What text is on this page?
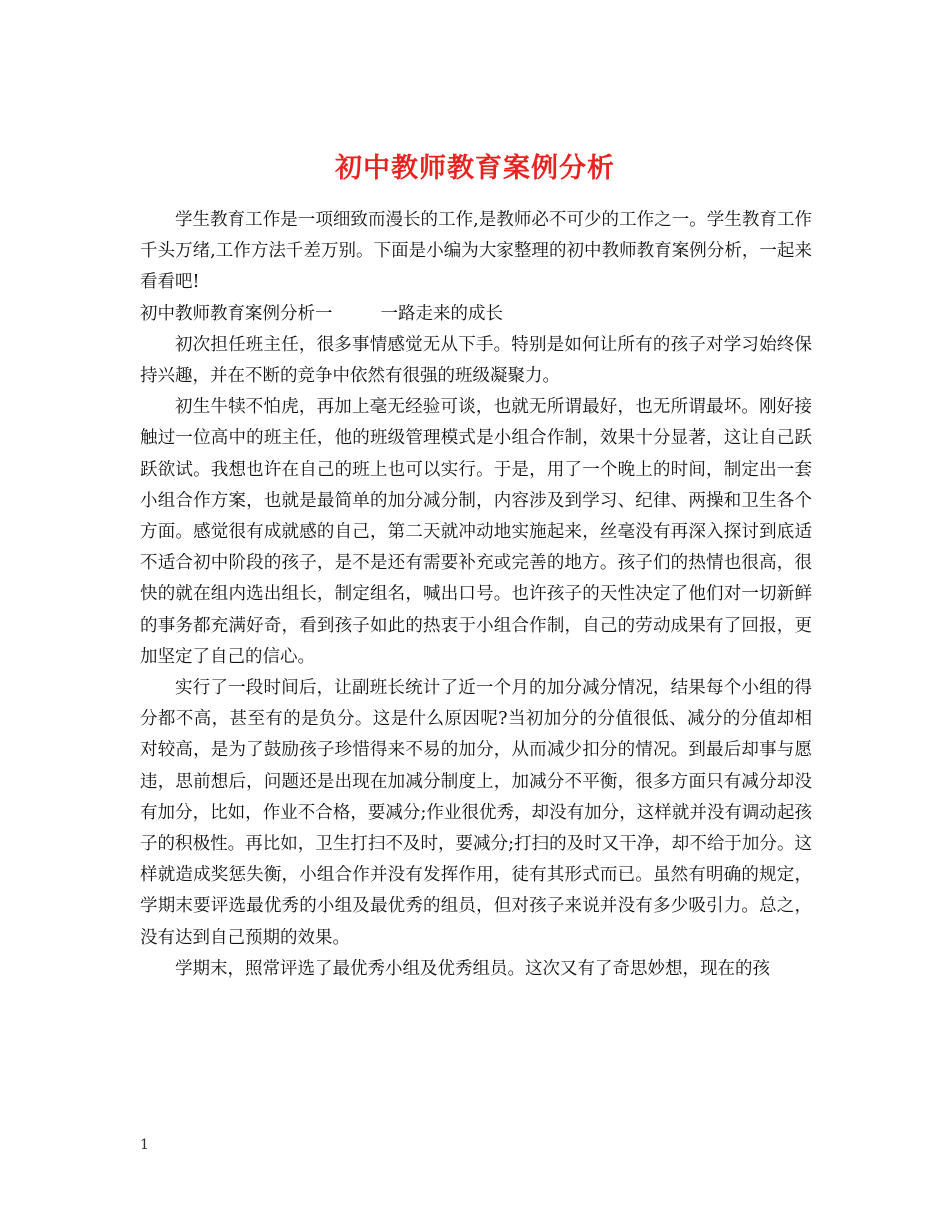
初中教师教育案例分析

学生教育工作是一项细致而漫长的工作,是教师必不可少的工作之一。学生教育工作千头万绪,工作方法千差万别。下面是小编为大家整理的初中教师教育案例分析，一起来看看吧!

初中教师教育案例分析一	一路走来的成长

初次担任班主任，很多事情感觉无从下手。特别是如何让所有的孩子对学习始终保持兴趣，并在不断的竞争中依然有很强的班级凝聚力。

初生牛犊不怕虎，再加上毫无经验可谈，也就无所谓最好，也无所谓最坏。刚好接触过一位高中的班主任，他的班级管理模式是小组合作制，效果十分显著，这让自己跃跃欲试。我想也许在自己的班上也可以实行。于是，用了一个晚上的时间，制定出一套小组合作方案，也就是最简单的加分减分制，内容涉及到学习、纪律、两操和卫生各个方面。感觉很有成就感的自己，第二天就冲动地实施起来，丝毫没有再深入探讨到底适不适合初中阶段的孩子，是不是还有需要补充或完善的地方。孩子们的热情也很高，很快的就在组内选出组长，制定组名，喊出口号。也许孩子的天性决定了他们对一切新鲜的事务都充满好奇，看到孩子如此的热衷于小组合作制，自己的劳动成果有了回报，更加坚定了自己的信心。

实行了一段时间后，让副班长统计了近一个月的加分减分情况，结果每个小组的得分都不高，甚至有的是负分。这是什么原因呢?当初加分的分值很低、减分的分值却相对较高，是为了鼓励孩子珍惜得来不易的加分，从而减少扣分的情况。到最后却事与愿违，思前想后，问题还是出现在加减分制度上，加减分不平衡，很多方面只有减分却没有加分，比如，作业不合格，要减分;作业很优秀，却没有加分，这样就并没有调动起孩子的积极性。再比如，卫生打扫不及时，要减分;打扫的及时又干净，却不给于加分。这样就造成奖惩失衡，小组合作并没有发挥作用，徒有其形式而已。虽然有明确的规定，学期末要评选最优秀的小组及最优秀的组员，但对孩子来说并没有多少吸引力。总之，没有达到自己预期的效果。

学期末，照常评选了最优秀小组及优秀组员。这次又有了奇思妙想，现在的孩

1
